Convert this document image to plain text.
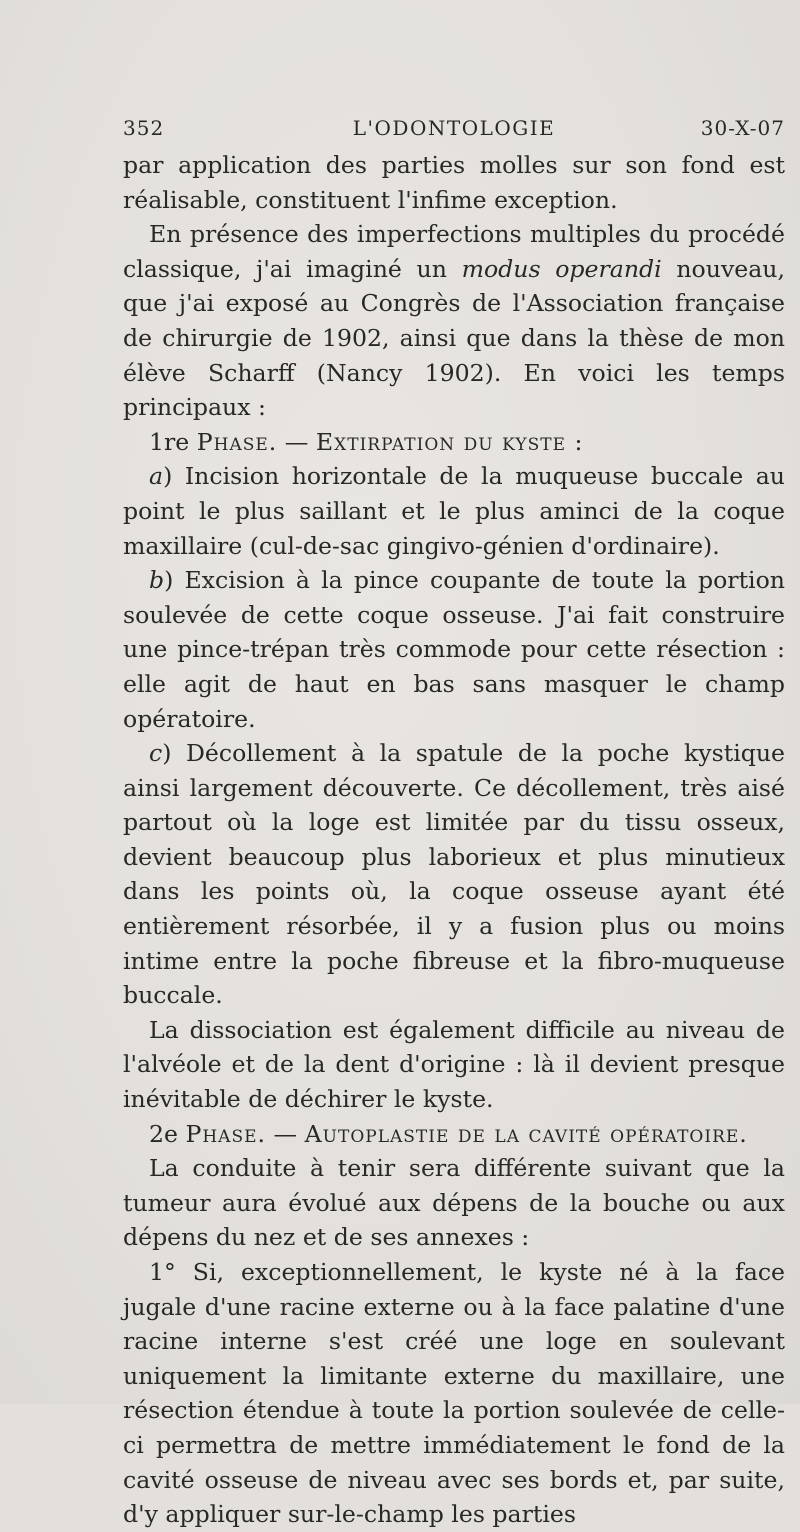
352	L'ODONTOLOGIE	30-X-07

par application des parties molles sur son fond est réalisable, constituent l'infime exception.

En présence des imperfections multiples du procédé classique, j'ai imaginé un modus operandi nouveau, que j'ai exposé au Congrès de l'Association française de chirurgie de 1902, ainsi que dans la thèse de mon élève Scharff (Nancy 1902). En voici les temps principaux :

1re Phase. — Extirpation du kyste :

a) Incision horizontale de la muqueuse buccale au point le plus saillant et le plus aminci de la coque maxillaire (cul-de-sac gingivo-génien d'ordinaire).

b) Excision à la pince coupante de toute la portion soulevée de cette coque osseuse. J'ai fait construire une pince-trépan très commode pour cette résection : elle agit de haut en bas sans masquer le champ opératoire.

c) Décollement à la spatule de la poche kystique ainsi largement découverte. Ce décollement, très aisé partout où la loge est limitée par du tissu osseux, devient beaucoup plus laborieux et plus minutieux dans les points où, la coque osseuse ayant été entièrement résorbée, il y a fusion plus ou moins intime entre la poche fibreuse et la fibro-muqueuse buccale.

La dissociation est également difficile au niveau de l'alvéole et de la dent d'origine : là il devient presque inévitable de déchirer le kyste.

2e Phase. — Autoplastie de la cavité opératoire.

La conduite à tenir sera différente suivant que la tumeur aura évolué aux dépens de la bouche ou aux dépens du nez et de ses annexes :

1° Si, exceptionnellement, le kyste né à la face jugale d'une racine externe ou à la face palatine d'une racine interne s'est créé une loge en soulevant uniquement la limitante externe du maxillaire, une résection étendue à toute la portion soulevée de celle-ci permettra de mettre immédiatement le fond de la cavité osseuse de niveau avec ses bords et, par suite, d'y appliquer sur-le-champ les parties
